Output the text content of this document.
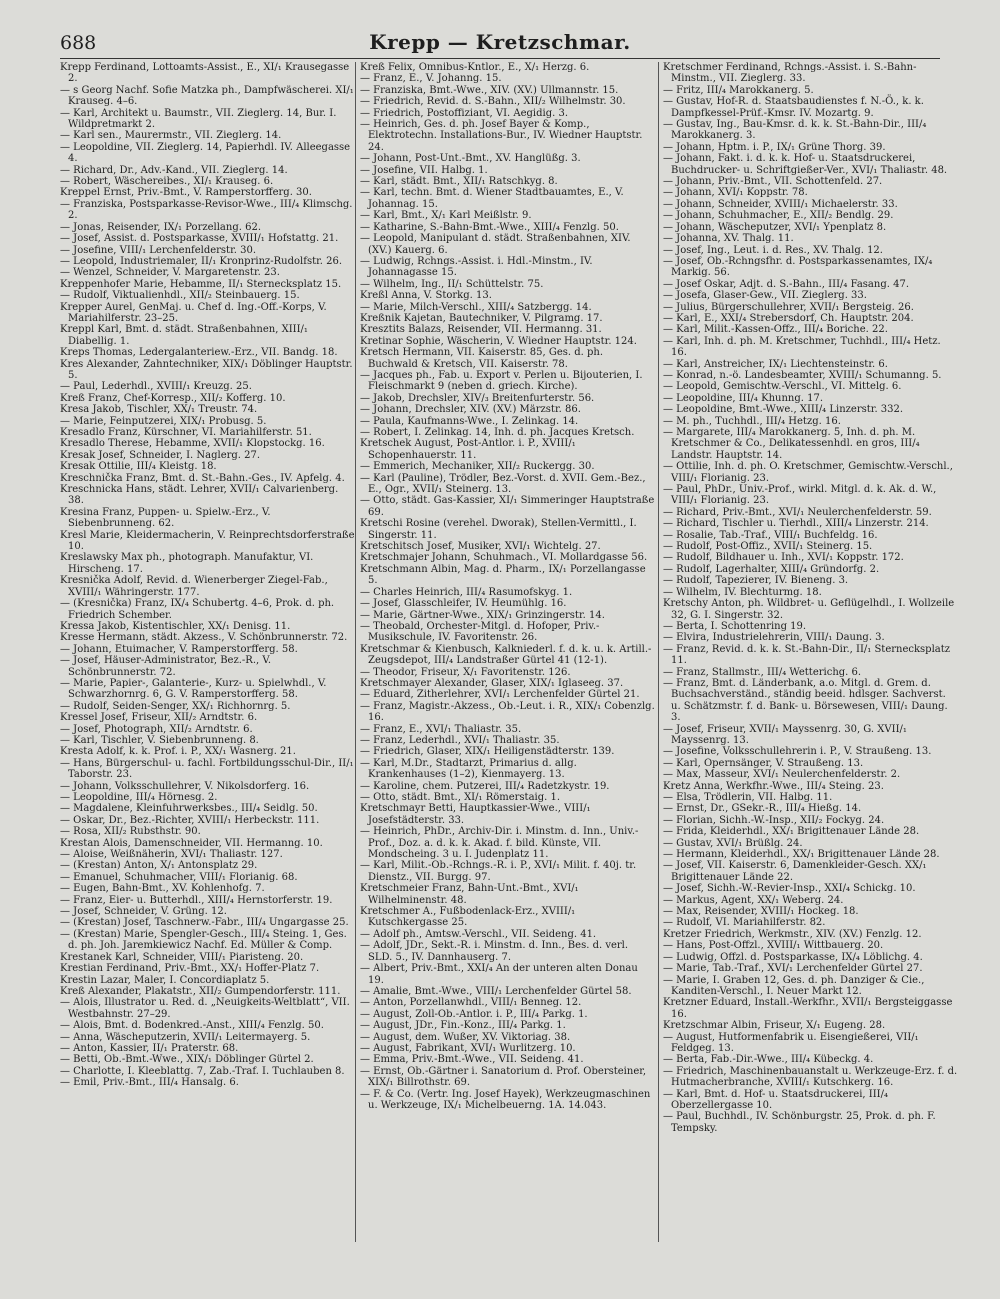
688	Krepp — Kretzschmar.

Krepp Ferdinand, Lottoamts-Assist., E., XI/₁ Krausegasse 2.

— s Georg Nachf. Sofie Matzka ph., Dampfwäscherei. XI/₁ Krauseg. 4–6.

— Karl, Architekt u. Baumstr., VII. Zieglerg. 14, Bur. I. Wildpretmarkt 2.

— Karl sen., Maurermstr., VII. Zieglerg. 14.

— Leopoldine, VII. Zieglerg. 14, Papierhdl. IV. Alleegasse 4.

— Richard, Dr., Adv.-Kand., VII. Zieglerg. 14.

— Robert, Wäschereibes., XI/₁ Krauseg. 6.

Kreppel Ernst, Priv.-Bmt., V. Ramperstorfferg. 30.

— Franziska, Postsparkasse-Revisor-Wwe., III/₄ Klimschg. 2.

— Jonas, Reisender, IX/₁ Porzellang. 62.

— Josef, Assist. d. Postsparkasse, XVIII/₁ Hofstattg. 21.

— Josefine, VIII/₁ Lerchenfelderstr. 30.

— Leopold, Industriemaler, II/₁ Kronprinz-Rudolfstr. 26.

— Wenzel, Schneider, V. Margaretenstr. 23.

Kreppenhofer Marie, Hebamme, II/₁ Sternecksplatz 15.

— Rudolf, Viktualienhdl., XII/₂ Steinbauerg. 15.

Krepper Aurel, GenMaj. u. Chef d. Ing.-Off.-Korps, V. Mariahilferstr. 23–25.

Kreppl Karl, Bmt. d. städt. Straßenbahnen, XIII/₁ Diabellig. 1.

Kreps Thomas, Ledergalanteriew.-Erz., VII. Bandg. 18.

Kres Alexander, Zahntechniker, XIX/₁ Döblinger Hauptstr. 5.

— Paul, Lederhdl., XVIII/₁ Kreuzg. 25.

Kreß Franz, Chef-Korresp., XII/₂ Kofferg. 10.

Kresa Jakob, Tischler, XX/₁ Treustr. 74.

— Marie, Feinputzerei, XIX/₁ Probusg. 5.

Kresadlo Franz, Kürschner, VI. Mariahilferstr. 51.

Kresadlo Therese, Hebamme, XVII/₁ Klopstockg. 16.

Kresak Josef, Schneider, I. Naglerg. 27.

Kresak Ottilie, III/₄ Kleistg. 18.

Kreschnička Franz, Bmt. d. St.-Bahn.-Ges., IV. Apfelg. 4.

Kreschnicka Hans, städt. Lehrer, XVII/₁ Calvarienberg. 38.

Kresina Franz, Puppen- u. Spielw.-Erz., V. Siebenbrunneng. 62.

Kresl Marie, Kleidermacherin, V. Reinprechtsdorferstraße 10.

Kreslawsky Max ph., photograph. Manufaktur, VI. Hirscheng. 17.

Kresnička Adolf, Revid. d. Wienerberger Ziegel-Fab., XVIII/₁ Währingerstr. 177.

— (Kresnička) Franz, IX/₄ Schubertg. 4–6, Prok. d. ph. Friedrich Schember.

Kressa Jakob, Kistentischler, XX/₁ Denisg. 11.

Kresse Hermann, städt. Akzess., V. Schönbrunnerstr. 72.

— Johann, Etuimacher, V. Ramperstorfferg. 58.

— Josef, Häuser-Administrator, Bez.-R., V. Schönbrunnerstr. 72.

— Marie, Papier-, Galanterie-, Kurz- u. Spielwhdl., V. Schwarzhornrg. 6, G. V. Ramperstorfferg. 58.

— Rudolf, Seiden-Senger, XX/₁ Richhornrg. 5.

Kressel Josef, Friseur, XII/₂ Arndtstr. 6.

— Josef, Photograph, XII/₂ Arndtstr. 6.

— Karl, Tischler, V. Siebenbrunneng. 8.

Kresta Adolf, k. k. Prof. i. P., XX/₁ Wasnerg. 21.

— Hans, Bürgerschul- u. fachl. Fortbildungsschul-Dir., II/₁ Taborstr. 23.

— Johann, Volksschullehrer, V. Nikolsdorferg. 16.

— Leopoldine, III/₄ Hörnesg. 2.

— Magdalene, Kleinfuhrwerksbes., III/₄ Seidlg. 50.

— Oskar, Dr., Bez.-Richter, XVIII/₁ Herbeckstr. 111.

— Rosa, XII/₂ Rubsthstr. 90.

Krestan Alois, Damenschneider, VII. Hermanng. 10.

— Aloise, Weißnäherin, XVI/₁ Thaliastr. 127.

— (Krestan) Anton, X/₁ Antonsplatz 29.

— Emanuel, Schuhmacher, VIII/₁ Florianig. 68.

— Eugen, Bahn-Bmt., XV. Kohlenhofg. 7.

— Franz, Eier- u. Butterhdl., XIII/₄ Hernstorferstr. 19.

— Josef, Schneider, V. Grüng. 12.

— (Krestan) Josef, Taschnerw.-Fabr., III/₄ Ungargasse 25.

— (Krestan) Marie, Spengler-Gesch., III/₄ Steing. 1, Ges. d. ph. Joh. Jaremkiewicz Nachf. Ed. Müller & Comp.

Krestanek Karl, Schneider, VIII/₁ Piaristeng. 20.

Krestian Ferdinand, Priv.-Bmt., XX/₁ Hoffer-Platz 7.

Krestin Lazar, Maler, I. Concordiaplatz 5.

Kreß Alexander, Plakatstr., XII/₂ Gumpendorferstr. 111.

— Alois, Illustrator u. Red. d. „Neuigkeits-Weltblatt“, VII. Westbahnstr. 27–29.

— Alois, Bmt. d. Bodenkred.-Anst., XIII/₄ Fenzlg. 50.

— Anna, Wäscheputzerin, XVII/₁ Leitermayerg. 5.

— Anton, Kassier, II/₁ Praterstr. 68.

— Betti, Ob.-Bmt.-Wwe., XIX/₁ Döblinger Gürtel 2.

— Charlotte, I. Kleeblattg. 7, Zab.-Traf. I. Tuchlauben 8.

— Emil, Priv.-Bmt., III/₄ Hansalg. 6.

Kreß Felix, Omnibus-Kntlor., E., X/₁ Herzg. 6.

— Franz, E., V. Johanng. 15.

— Franziska, Bmt.-Wwe., XIV. (XV.) Ullmannstr. 15.

— Friedrich, Revid. d. S.-Bahn., XII/₂ Wilhelmstr. 30.

— Friedrich, Postoffiziant, VI. Aegidig. 3.

— Heinrich, Ges. d. ph. Josef Bayer & Komp., Elektrotechn. Installations-Bur., IV. Wiedner Hauptstr. 24.

— Johann, Post-Unt.-Bmt., XV. Hanglüßg. 3.

— Josefine, VII. Halbg. 1.

— Karl, städt. Bmt., XII/₁ Ratschkyg. 8.

— Karl, techn. Bmt. d. Wiener Stadtbauamtes, E., V. Johannag. 15.

— Karl, Bmt., X/₁ Karl Meißlstr. 9.

— Katharine, S.-Bahn-Bmt.-Wwe., XIII/₄ Fenzlg. 50.

— Leopold, Manipulant d. städt. Straßenbahnen, XIV. (XV.) Kauerg. 6.

— Ludwig, Rchngs.-Assist. i. Hdl.-Minstm., IV. Johannagasse 15.

— Wilhelm, Ing., II/₁ Schüttelstr. 75.

Kreßl Anna, V. Storkg. 13.

— Marie, Milch-Verschl., XIII/₄ Satzbergg. 14.

Kreßnik Kajetan, Bautechniker, V. Pilgramg. 17.

Kresztits Balazs, Reisender, VII. Hermanng. 31.

Kretinar Sophie, Wäscherin, V. Wiedner Hauptstr. 124.

Kretsch Hermann, VII. Kaiserstr. 85, Ges. d. ph. Buchwald & Kretsch, VII. Kaiserstr. 78.

— Jacques ph., Fab. u. Export v. Perlen u. Bijouterien, I. Fleischmarkt 9 (neben d. griech. Kirche).

— Jakob, Drechsler, XIV/₃ Breitenfurterstr. 56.

— Johann, Drechsler, XIV. (XV.) Märzstr. 86.

— Paula, Kaufmanns-Wwe., I. Zelinkag. 14.

— Robert, I. Zelinkag. 14, Inh. d. ph. Jacques Kretsch.

Kretschek August, Post-Antlor. i. P., XVIII/₁ Schopenhauerstr. 11.

— Emmerich, Mechaniker, XII/₂ Ruckergg. 30.

— Karl (Pauline), Trödler, Bez.-Vorst. d. XVII. Gem.-Bez., E., Ogr., XVII/₁ Steinerg. 13.

— Otto, städt. Gas-Kassier, XI/₁ Simmeringer Hauptstraße 69.

Kretschi Rosine (verehel. Dworak), Stellen-Vermittl., I. Singerstr. 11.

Kretschitsch Josef, Musiker, XVI/₁ Wichtelg. 27.

Kretschmajer Johann, Schuhmach., VI. Mollardgasse 56.

Kretschmann Albin, Mag. d. Pharm., IX/₁ Porzellangasse 5.

— Charles Heinrich, III/₄ Rasumofskyg. 1.

— Josef, Glasschleifer, IV. Heumühlg. 16.

— Marie, Gärtner-Wwe., XIX/₁ Grinzingerstr. 14.

— Theobald, Orchester-Mitgl. d. Hofoper, Priv.-Musikschule, IV. Favoritenstr. 26.

Kretschmar & Kienbusch, Kalkniederl. f. d. k. u. k. Artill.-Zeugsdepot, III/₄ Landstraßer Gürtel 41 (12-1).

— Theodor, Friseur, X/₁ Favoritenstr. 126.

Kretschmayer Alexander, Glaser, XIX/₁ Iglaseeg. 37.

— Eduard, Zitherlehrer, XVI/₁ Lerchenfelder Gürtel 21.

— Franz, Magistr.-Akzess., Ob.-Leut. i. R., XIX/₁ Cobenzlg. 16.

— Franz, E., XVI/₁ Thaliastr. 35.

— Franz, Lederhdl., XVI/₁ Thaliastr. 35.

— Friedrich, Glaser, XIX/₁ Heiligenstädterstr. 139.

— Karl, M.Dr., Stadtarzt, Primarius d. allg. Krankenhauses (1–2), Kienmayerg. 13.

— Karoline, chem. Putzerei, III/₄ Radetzkystr. 19.

— Otto, städt. Bmt., XI/₁ Römerstaig. 1.

Kretschmayr Betti, Hauptkassier-Wwe., VIII/₁ Josefstädterstr. 33.

— Heinrich, PhDr., Archiv-Dir. i. Minstm. d. Inn., Univ.-Prof., Doz. a. d. k. k. Akad. f. bild. Künste, VII. Mondscheing. 3 u. I. Judenplatz 11.

— Karl, Milit.-Ob.-Rchngs.-R. i. P., XVI/₁ Milit. f. 40j. tr. Dienstz., VII. Burgg. 97.

Kretschmeier Franz, Bahn-Unt.-Bmt., XVI/₁ Wilhelminenstr. 48.

Kretschmer A., Fußbodenlack-Erz., XVIII/₁ Kutschkergasse 25.

— Adolf ph., Amtsw.-Verschl., VII. Seideng. 41.

— Adolf, JDr., Sekt.-R. i. Minstm. d. Inn., Bes. d. verl. SLD. 5., IV. Dannhauserg. 7.

— Albert, Priv.-Bmt., XXI/₄ An der unteren alten Donau 19.

— Amalie, Bmt.-Wwe., VIII/₁ Lerchenfelder Gürtel 58.

— Anton, Porzellanwhdl., VIII/₁ Benneg. 12.

— August, Zoll-Ob.-Antlor. i. P., III/₄ Parkg. 1.

— August, JDr., Fin.-Konz., III/₄ Parkg. 1.

— August, dem. Wußer, XV. Viktoriag. 38.

— August, Fabrikant, XVI/₁ Wurlitzerg. 10.

— Emma, Priv.-Bmt.-Wwe., VII. Seideng. 41.

— Ernst, Ob.-Gärtner i. Sanatorium d. Prof. Obersteiner, XIX/₁ Billrothstr. 69.

— F. & Co. (Vertr. Ing. Josef Hayek), Werkzeugmaschinen u. Werkzeuge, IX/₁ Michelbeuerng. 1A. 14.043.

Kretschmer Ferdinand, Rchngs.-Assist. i. S.-Bahn-Minstm., VII. Zieglerg. 33.

— Fritz, III/₄ Marokkanerg. 5.

— Gustav, Hof-R. d. Staatsbaudienstes f. N.-Ö., k. k. Dampfkessel-Prüf.-Kmsr. IV. Mozartg. 9.

— Gustav, Ing., Bau-Kmsr. d. k. k. St.-Bahn-Dir., III/₄ Marokkanerg. 3.

— Johann, Hptm. i. P., IX/₁ Grüne Thorg. 39.

— Johann, Fakt. i. d. k. k. Hof- u. Staatsdruckerei, Buchdrucker- u. Schriftgießer-Ver., XVI/₁ Thaliastr. 48.

— Johann, Priv.-Bmt., VII. Schottenfeld. 27.

— Johann, XVI/₁ Koppstr. 78.

— Johann, Schneider, XVIII/₁ Michaelerstr. 33.

— Johann, Schuhmacher, E., XII/₂ Bendlg. 29.

— Johann, Wäscheputzer, XVI/₁ Ypenplatz 8.

— Johanna, XV. Thalg. 11.

— Josef, Ing., Leut. i. d. Res., XV. Thalg. 12.

— Josef, Ob.-Rchngsfhr. d. Postsparkassenamtes, IX/₄ Markig. 56.

— Josef Oskar, Adjt. d. S.-Bahn., III/₄ Fasang. 47.

— Josefa, Glaser-Gew., VII. Zieglerg. 33.

— Julius, Bürgerschullehrer, XVII/₁ Bergsteig. 26.

— Karl, E., XXI/₄ Strebersdorf, Ch. Hauptstr. 204.

— Karl, Milit.-Kassen-Offz., III/₄ Boriche. 22.

— Karl, Inh. d. ph. M. Kretschmer, Tuchhdl., III/₄ Hetz. 16.

— Karl, Anstreicher, IX/₁ Liechtensteinstr. 6.

— Konrad, n.-ö. Landesbeamter, XVIII/₁ Schumanng. 5.

— Leopold, Gemischtw.-Verschl., VI. Mittelg. 6.

— Leopoldine, III/₄ Khunng. 17.

— Leopoldine, Bmt.-Wwe., XIII/₄ Linzerstr. 332.

— M. ph., Tuchhdl., III/₄ Hetzg. 16.

— Margarete, III/₄ Marokkanerg. 5, Inh. d. ph. M. Kretschmer & Co., Delikatessenhdl. en gros, III/₄ Landstr. Hauptstr. 14.

— Ottilie, Inh. d. ph. O. Kretschmer, Gemischtw.-Verschl., VIII/₁ Florianig. 23.

— Paul, PhDr., Univ.-Prof., wirkl. Mitgl. d. k. Ak. d. W., VIII/₁ Florianig. 23.

— Richard, Priv.-Bmt., XVI/₁ Neulerchenfelderstr. 59.

— Richard, Tischler u. Tierhdl., XIII/₄ Linzerstr. 214.

— Rosalie, Tab.-Traf., VIII/₁ Buchfeldg. 16.

— Rudolf, Post-Offiz., XVII/₁ Steinerg. 15.

— Rudolf, Bildhauer u. Inh., XVI/₁ Koppstr. 172.

— Rudolf, Lagerhalter, XIII/₄ Gründorfg. 2.

— Rudolf, Tapezierer, IV. Bieneng. 3.

— Wilhelm, IV. Blechturmg. 18.

Kretschy Anton, ph. Wildbret- u. Geflügelhdl., I. Wollzeile 32, G. I. Singerstr. 32.

— Berta, I. Schottenring 19.

— Elvira, Industrielehrerin, VIII/₁ Daung. 3.

— Franz, Revid. d. k. k. St.-Bahn-Dir., II/₁ Sternecksplatz 11.

— Franz, Stallmstr., III/₄ Wetterichg. 6.

— Franz, Bmt. d. Länderbank, a.o. Mitgl. d. Grem. d. Buchsachverständ., ständig beeid. hdlsger. Sachverst. u. Schätzmstr. f. d. Bank- u. Börsewesen, VIII/₁ Daung. 3.

— Josef, Friseur, XVII/₁ Mayssenrg. 30, G. XVII/₁ Mayssenrg. 13.

— Josefine, Volksschullehrerin i. P., V. Straußeng. 13.

— Karl, Opernsänger, V. Straußeng. 13.

— Max, Masseur, XVI/₁ Neulerchenfelderstr. 2.

Kretz Anna, Werkfhr.-Wwe., III/₄ Steing. 23.

— Elsa, Trödlerin, VII. Halbg. 11.

— Ernst, Dr., GSekr.-R., III/₄ Hießg. 14.

— Florian, Sichh.-W.-Insp., XII/₂ Fockyg. 24.

— Frida, Kleiderhdl., XX/₁ Brigittenauer Lände 28.

— Gustav, XVI/₁ Brüßlg. 24.

— Hermann, Kleiderhdl., XX/₁ Brigittenauer Lände 28.

— Josef, VII. Kaiserstr. 6, Damenkleider-Gesch. XX/₁ Brigittenauer Lände 22.

— Josef, Sichh.-W.-Revier-Insp., XXI/₄ Schickg. 10.

— Markus, Agent, XX/₁ Weberg. 24.

— Max, Reisender, XVIII/₁ Hockeg. 18.

— Rudolf, VI. Mariahilferstr. 82.

Kretzer Friedrich, Werkmstr., XIV. (XV.) Fenzlg. 12.

— Hans, Post-Offzl., XVIII/₁ Wittbauerg. 20.

— Ludwig, Offzl. d. Postsparkasse, IX/₄ Löblichg. 4.

— Marie, Tab.-Traf., XVI/₁ Lerchenfelder Gürtel 27.

— Marie, I. Graben 12, Ges. d. ph. Danziger & Cie., Kanditen-Verschl., I. Neuer Markt 12.

Kretzner Eduard, Install.-Werkfhr., XVII/₁ Bergsteiggasse 16.

Kretzschmar Albin, Friseur, X/₁ Eugeng. 28.

— August, Hutformenfabrik u. Eisengießerei, VII/₁ Feldgeg. 13.

— Berta, Fab.-Dir.-Wwe., III/₄ Kübeckg. 4.

— Friedrich, Maschinenbauanstalt u. Werkzeuge-Erz. f. d. Hutmacherbranche, XVIII/₁ Kutschkerg. 16.

— Karl, Bmt. d. Hof- u. Staatsdruckerei, III/₄ Oberzellergasse 10.

— Paul, Buchhdl., IV. Schönburgstr. 25, Prok. d. ph. F. Tempsky.
